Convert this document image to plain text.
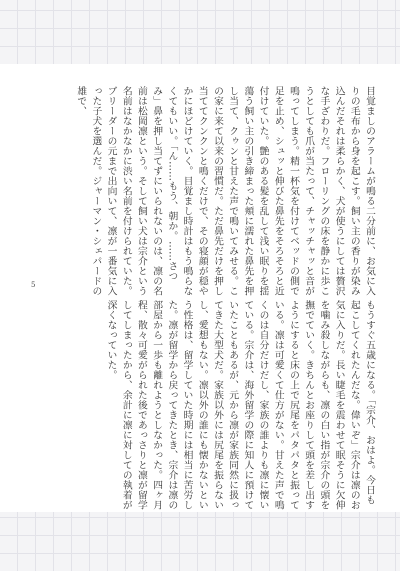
目覚ましのアラームが鳴る二分前に、お気に入りの毛布から身を起こす。飼い主の香りが染み込んだそれは柔らかく、犬が使うにしては贅沢な手ざわりだ。フローリングの床を静かに歩こうとしても爪が当たって、チャッチャッと音が鳴ってしまう。精一杯気を付けてベッドの側で足を止め、シュッと伸びた鼻先をそろそろと近付けていた。艶のある髪を乱して浅い眠りを揺蕩う飼い主の引き締まった頬に濡れた鼻先を押し当て、クゥンと甘えた声で鳴いてみせる。この家に来て以来の習慣だ。ただ鼻先だけを押し当ててクンクンと鳴くだけで、その寝顔が穏やかにほどけていく。目覚まし時計はもう鳴らなくてもいい。「ん……もう、朝か。……さつみ」鼻を押し当てずにいられないのは、凛の名前は松岡凛という。そして飼い犬は宗介という名前はなかなかに渋い名前を付けられていた。ブリーダーの元まで出向いて、凛が一番気に入った子犬を選んだ。ジャーマン・シェパードの雄で、
もうすぐ五歳になる。「宗介、おはよ。今日も起こしてくれたんだな。偉いぞ」宗介は凛のお気に入りだ。長い睫毛を震わせて眠そうに欠伸を噛み殺しながらも、凛の白い指が宗介の頭を撫でていく。きちんとお座りして頭を差し出すようにすると床の上で尻尾をパタパタと振っている。凛は可愛くて仕方がない。甘えた声で鳴くのは自分だけだし、家族の誰よりも凛に懐いている。宗介は、海外留学の際に知人に預けていたこともあるが、元から凛が家族同然に扱ってきた大型犬だ。家族以外には尻尾を振らないし、愛想もない。凛以外の誰にも懐かないという性格は、留学していた時期には相当に苦労した。凛が留学から戻ってきたとき、宗介は凛の部屋から一歩も離れようとしなかった。四ヶ月程、散々可愛がられた後であっさりと凛が留学してしまったから、余計に凛に対しての執着が深くなっていた。
5
